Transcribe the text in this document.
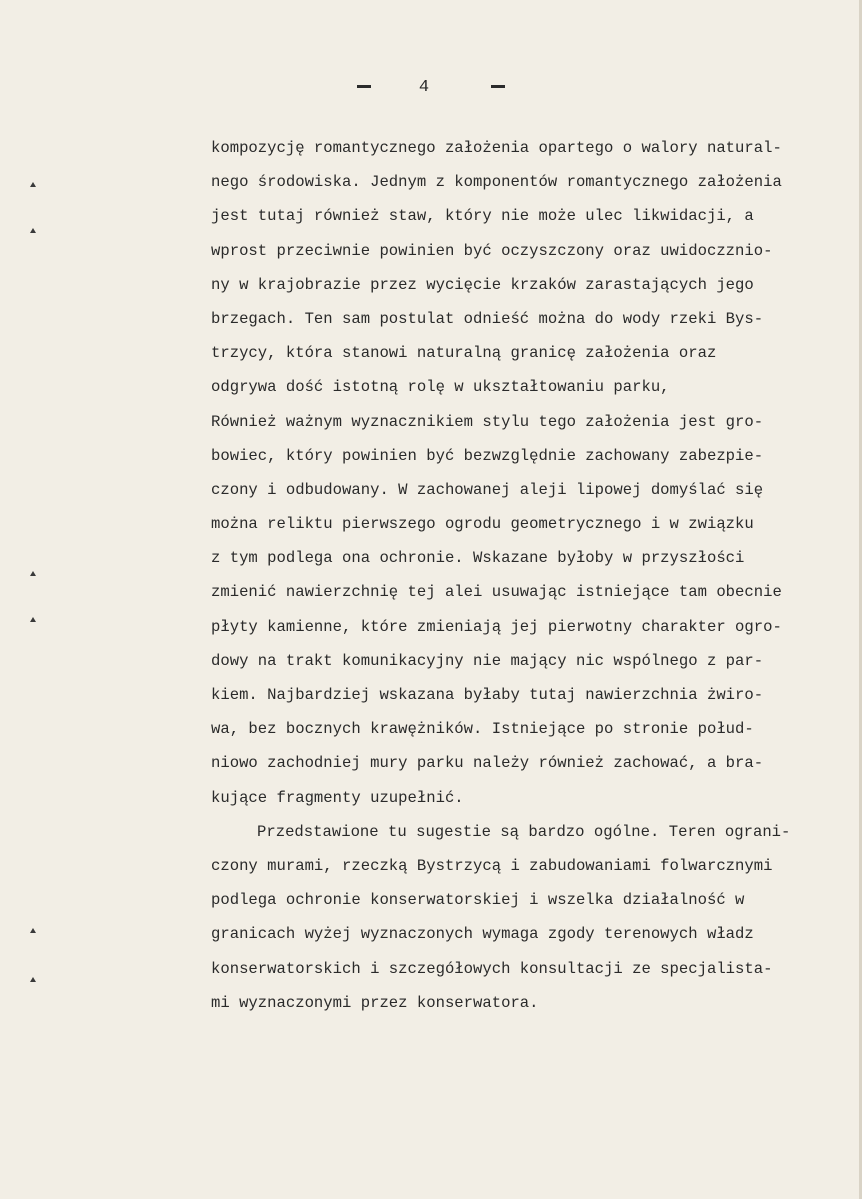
4
kompozycję romantycznego założenia opartego o walory natural-
nego środowiska. Jednym z komponentów romantycznego założenia
jest tutaj również staw, który nie może ulec likwidacji, a
wprost przeciwnie powinien być oczyszczony oraz uwidoczznio-
ny w krajobrazie przez wycięcie krzaków zarastających jego
brzegach. Ten sam postulat odnieść można do wody rzeki Bys-
trzycy, która stanowi naturalną granicę założenia oraz
odgrywa dość istotną rolę w ukształtowaniu parku,
Również ważnym wyznacznikiem stylu tego założenia jest gro-
bowiec, który powinien być bezwzględnie zachowany zabezpie-
czony i odbudowany. W zachowanej aleji lipowej domyślać się
można reliktu pierwszego ogrodu geometrycznego i w związku
z tym podlega ona ochronie. Wskazane byłoby w przyszłości
zmienić nawierzchnię tej alei usuwając istniejące tam obecnie
płyty kamienne, które zmieniają jej pierwotny charakter ogro-
dowy na trakt komunikacyjny nie mający nic wspólnego z par-
kiem. Najbardziej wskazana byłaby tutaj nawierzchnia żwiro-
wa, bez bocznych krawężników. Istniejące po stronie połud-
niowo zachodniej mury parku należy również zachować, a bra-
kujące fragmenty uzupełnić.
Przedstawione tu sugestie są bardzo ogólne. Teren ograni-
czony murami, rzeczką Bystrzycą i zabudowaniami folwarcznymi
podlega ochronie konserwatorskiej i wszelka działalność w
granicach wyżej wyznaczonych wymaga zgody terenowych władz
konserwatorskich i szczegółowych konsultacji ze specjalista-
mi wyznaczonymi przez konserwatora.
